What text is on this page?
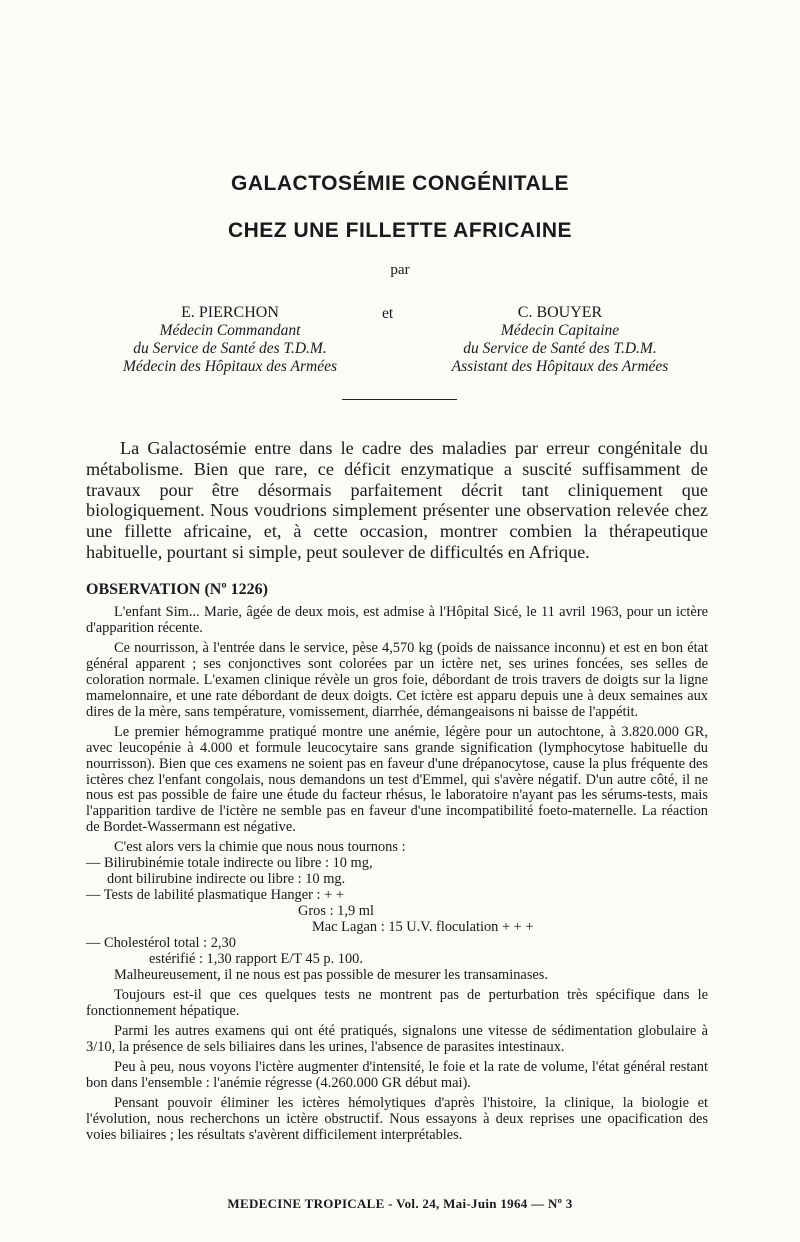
GALACTOSÉMIE CONGÉNITALE
CHEZ UNE FILLETTE AFRICAINE
par
E. PIERCHON
Médecin Commandant
du Service de Santé des T.D.M.
Médecin des Hôpitaux des Armées
et	C. BOUYER
Médecin Capitaine
du Service de Santé des T.D.M.
Assistant des Hôpitaux des Armées

La Galactosémie entre dans le cadre des maladies par erreur congénitale du métabolisme. Bien que rare, ce déficit enzymatique a suscité suffisamment de travaux pour être désormais parfaitement décrit tant cliniquement que biologiquement. Nous voudrions simplement présenter une observation relevée chez une fillette africaine, et, à cette occasion, montrer combien la thérapeutique habituelle, pourtant si simple, peut soulever de difficultés en Afrique.

OBSERVATION (Nº 1226)

L'enfant Sim... Marie, âgée de deux mois, est admise à l'Hôpital Sicé, le 11 avril 1963, pour un ictère d'apparition récente.

Ce nourrisson, à l'entrée dans le service, pèse 4,570 kg (poids de naissance inconnu) et est en bon état général apparent ; ses conjonctives sont colorées par un ictère net, ses urines foncées, ses selles de coloration normale. L'examen clinique révèle un gros foie, débordant de trois travers de doigts sur la ligne mamelonnaire, et une rate débordant de deux doigts. Cet ictère est apparu depuis une à deux semaines aux dires de la mère, sans température, vomissement, diarrhée, démangeaisons ni baisse de l'appétit.

Le premier hémogramme pratiqué montre une anémie, légère pour un autochtone, à 3.820.000 GR, avec leucopénie à 4.000 et formule leucocytaire sans grande signification (lymphocytose habituelle du nourrisson). Bien que ces examens ne soient pas en faveur d'une drépanocytose, cause la plus fréquente des ictères chez l'enfant congolais, nous demandons un test d'Emmel, qui s'avère négatif. D'un autre côté, il ne nous est pas possible de faire une étude du facteur rhésus, le laboratoire n'ayant pas les sérums-tests, mais l'apparition tardive de l'ictère ne semble pas en faveur d'une incompatibilité foeto-maternelle. La réaction de Bordet-Wassermann est négative.

C'est alors vers la chimie que nous nous tournons :

— Bilirubinémie totale indirecte ou libre : 10 mg,
dont bilirubine indirecte ou libre : 10 mg.
— Tests de labilité plasmatique Hanger : + +
Gros : 1,9 ml
Mac Lagan : 15 U.V. floculation + + +
— Cholestérol total : 2,30
estérifié : 1,30 rapport E/T 45 p. 100.

Malheureusement, il ne nous est pas possible de mesurer les transaminases.

Toujours est-il que ces quelques tests ne montrent pas de perturbation très spécifique dans le fonctionnement hépatique.

Parmi les autres examens qui ont été pratiqués, signalons une vitesse de sédimentation globulaire à 3/10, la présence de sels biliaires dans les urines, l'absence de parasites intestinaux.

Peu à peu, nous voyons l'ictère augmenter d'intensité, le foie et la rate de volume, l'état général restant bon dans l'ensemble : l'anémie régresse (4.260.000 GR début mai).

Pensant pouvoir éliminer les ictères hémolytiques d'après l'histoire, la clinique, la biologie et l'évolution, nous recherchons un ictère obstructif. Nous essayons à deux reprises une opacification des voies biliaires ; les résultats s'avèrent difficilement interprétables.

MEDECINE TROPICALE - Vol. 24, Mai-Juin 1964 — Nº 3
